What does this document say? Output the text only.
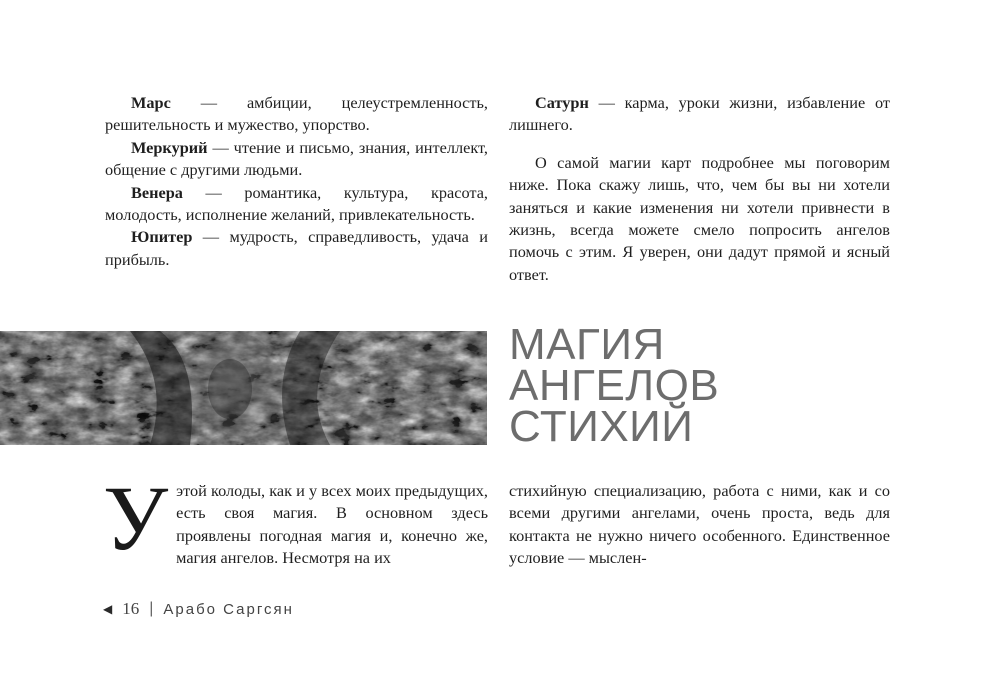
Марс — амбиции, целеустремленность, решительность и мужество, упорство.

Меркурий — чтение и письмо, знания, интеллект, общение с другими людьми.

Венера — романтика, культура, красота, молодость, исполнение желаний, привлекательность.

Юпитер — мудрость, справедливость, удача и прибыль.

Сатурн — карма, уроки жизни, избавление от лишнего.

О самой магии карт подробнее мы поговорим ниже. Пока скажу лишь, что, чем бы вы ни хотели заняться и какие изменения ни хотели привнести в жизнь, всегда можете смело попросить ангелов помочь с этим. Я уверен, они дадут прямой и ясный ответ.

МАГИЯ
АНГЕЛОВ
СТИХИЙ

Уэтой колоды, как и у всех моих предыдущих, есть своя магия. В основном здесь проявлены погодная магия и, конечно же, магия ангелов. Несмотря на их

стихийную специализацию, работа с ними, как и со всеми другими ангелами, очень проста, ведь для контакта не нужно ничего особенного. Единственное условие — мыслен-

◀ 16 | Арабо Саргсян
